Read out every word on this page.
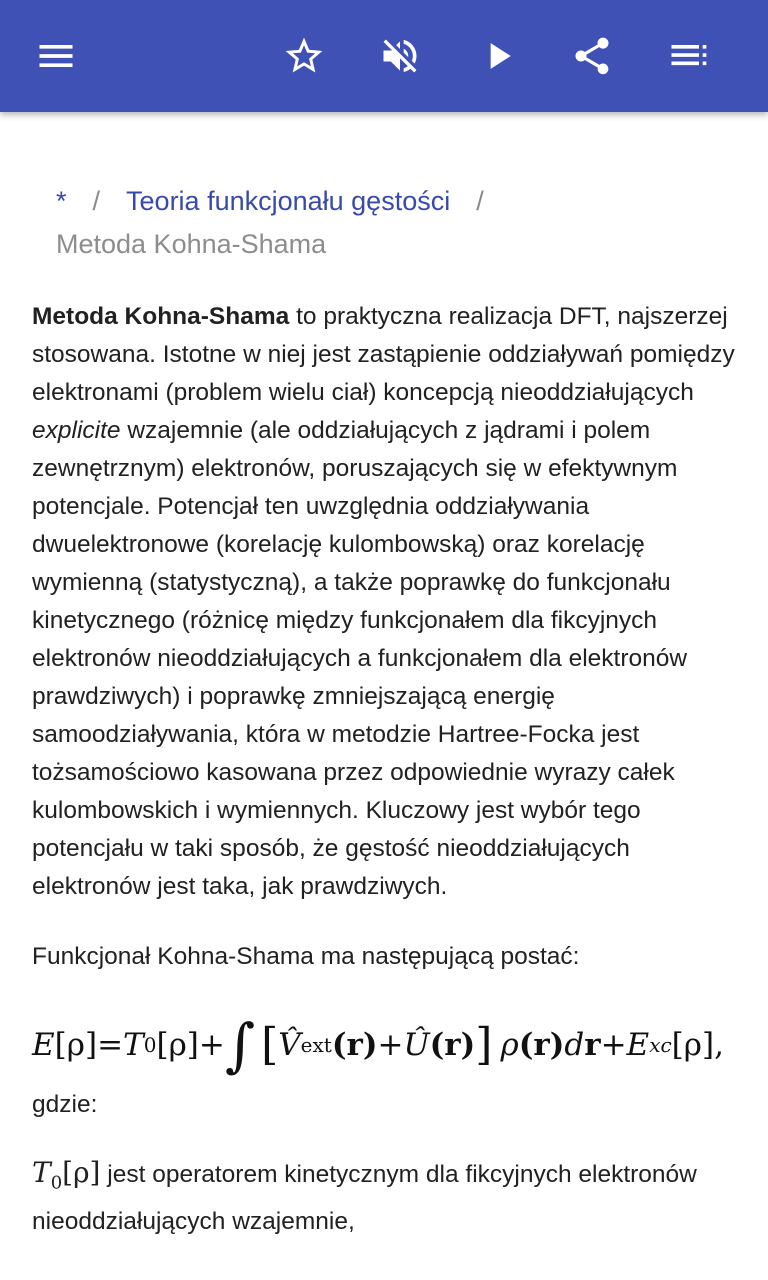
* / Teoria funkcjonału gęstości /
Metoda Kohna-Shama

Metoda Kohna-Shama to praktyczna realizacja DFT, najszerzej stosowana. Istotne w niej jest zastąpienie oddziaływań pomiędzy elektronami (problem wielu ciał) koncepcją nieoddziałujących explicite wzajemnie (ale oddziałujących z jądrami i polem zewnętrznym) elektronów, poruszających się w efektywnym potencjale. Potencjał ten uwzględnia oddziaływania dwuelektronowe (korelację kulombowską) oraz korelację wymienną (statystyczną), a także poprawkę do funkcjonału kinetycznego (różnicę między funkcjonałem dla fikcyjnych elektronów nieoddziałujących a funkcjonałem dla elektronów prawdziwych) i poprawkę zmniejszającą energię samoodziaływania, która w metodzie Hartree-Focka jest tożsamościowo kasowana przez odpowiednie wyrazy całek kulombowskich i wymiennych. Kluczowy jest wybór tego potencjału w taki sposób, że gęstość nieoddziałujących elektronów jest taka, jak prawdziwych.

Funkcjonał Kohna-Shama ma następującą postać:

E [ρ] = T 0 [ρ] + ∫ [ V̂ ext (r) + Û (r) ] ρ (r) d r + E xc [ρ] ,

gdzie:

$T_0[\rho]$ jest operatorem kinetycznym dla fikcyjnych elektronów nieoddziałujących wzajemnie,
